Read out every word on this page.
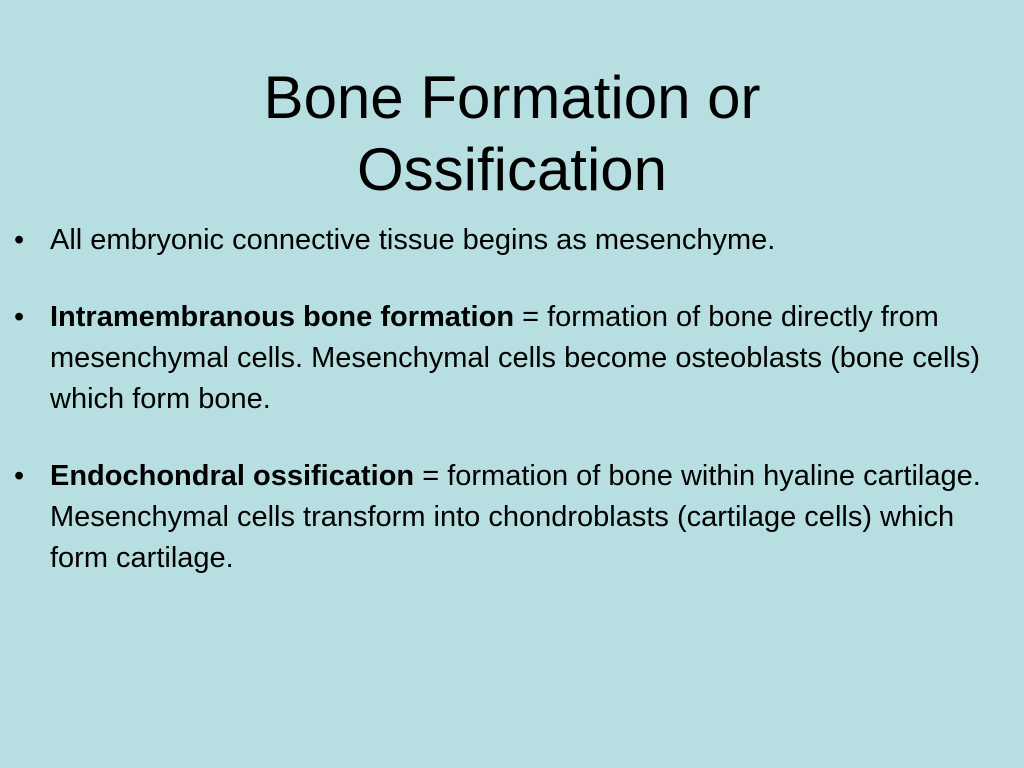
Bone Formation or
Ossification
• All embryonic connective tissue begins as mesenchyme.
• Intramembranous bone formation = formation of bone directly from mesenchymal cells. Mesenchymal cells become osteoblasts (bone cells) which form bone.
• Endochondral ossification = formation of bone within hyaline cartilage. Mesenchymal cells transform into chondroblasts (cartilage cells) which form cartilage.
